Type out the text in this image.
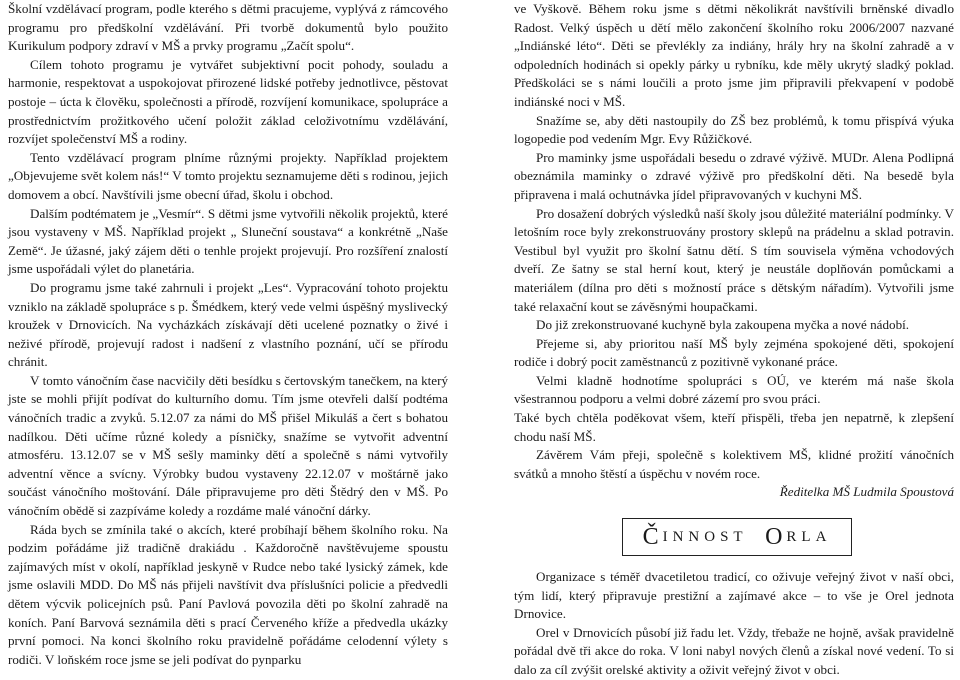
Školní vzdělávací program, podle kterého s dětmi pracujeme, vyplývá z rámcového programu pro předškolní vzdělávání. Při tvorbě dokumentů bylo použito Kurikulum podpory zdraví v MŠ a prvky programu „Začít spolu“.

Cílem tohoto programu je vytvářet subjektivní pocit pohody, souladu a harmonie, respektovat a uspokojovat přirozené lidské potřeby jednotlivce, pěstovat postoje – úcta k člověku, společnosti a přírodě, rozvíjení komunikace, spolupráce a prostřednictvím prožitkového učení položit základ celoživotnímu vzdělávání, rozvíjet společenství MŠ a rodiny.

Tento vzdělávací program plníme různými projekty. Například projektem „Objevujeme svět kolem nás!“ V tomto projektu seznamujeme děti s rodinou, jejich domovem a obcí. Navštívili jsme obecní úřad, školu i obchod.

Dalším podtématem je „Vesmír“. S dětmi jsme vytvořili několik projektů, které jsou vystaveny v MŠ. Například projekt „ Sluneční soustava“ a konkrétně „Naše Země“. Je úžasné, jaký zájem děti o tenhle projekt projevují. Pro rozšíření znalostí jsme uspořádali výlet do planetária.

Do programu jsme také zahrnuli i projekt „Les“. Vypracování tohoto projektu vzniklo na základě spolupráce s p. Šmédkem, který vede velmi úspěšný myslivecký kroužek v Drnovicích. Na vycházkách získávají děti ucelené poznatky o živé i neživé přírodě, projevují radost i nadšení z vlastního poznání, učí se přírodu chránit.

V tomto vánočním čase nacvičily děti besídku s čertovským tanečkem, na který jste se mohli přijít podívat do kulturního domu. Tím jsme otevřeli další podtéma vánočních tradic a zvyků. 5.12.07 za námi do MŠ přišel Mikuláš a čert s bohatou nadílkou. Děti učíme různé koledy a písničky, snažíme se vytvořit adventní atmosféru. 13.12.07 se v MŠ sešly maminky dětí a společně s námi vytvořily adventní věnce a svícny. Výrobky budou vystaveny 22.12.07 v moštárně jako součást vánočního moštování. Dále připravujeme pro děti Štědrý den v MŠ. Po vánočním obědě si zazpíváme koledy a rozdáme malé vánoční dárky.

Ráda bych se zmínila také o akcích, které probíhají během školního roku. Na podzim pořádáme již tradičně drakiádu . Každoročně navštěvujeme spoustu zajímavých míst v okolí, například jeskyně v Rudce nebo také lysický zámek, kde jsme oslavili MDD. Do MŠ nás přijeli navštívit dva příslušníci policie a předvedli dětem výcvik policejních psů. Paní Pavlová povozila děti po školní zahradě na koních. Paní Barvová seznámila děti s prací Červeného kříže a předvedla ukázky první pomoci. Na konci školního roku pravidelně pořádáme celodenní výlety s rodiči. V loňském roce jsme se jeli podívat do pynparku

ve Vyškově. Během roku jsme s dětmi několikrát navštívili brněnské divadlo Radost. Velký úspěch u dětí mělo zakončení školního roku 2006/2007 nazvané „Indiánské léto“. Děti se převlékly za indiány, hrály hry na školní zahradě a v odpoledních hodinách si opekly párky u rybníku, kde měly ukrytý sladký poklad. Předškoláci se s námi loučili a proto jsme jim připravili překvapení v podobě indiánské noci v MŠ.

Snažíme se, aby děti nastoupily do ZŠ bez problémů, k tomu přispívá výuka logopedie pod vedením Mgr. Evy Růžičkové.

Pro maminky jsme uspořádali besedu o zdravé výživě. MUDr. Alena Podlipná obeznámila maminky o zdravé výživě pro předškolní děti. Na besedě byla připravena i malá ochutnávka jídel připravovaných v kuchyni MŠ.

Pro dosažení dobrých výsledků naší školy jsou důležité materiální podmínky. V letošním roce byly zrekonstruovány prostory sklepů na prádelnu a sklad potravin. Vestibul byl využit pro školní šatnu dětí. S tím souvisela výměna vchodových dveří. Ze šatny se stal herní kout, který je neustále doplňován pomůckami a materiálem (dílna pro děti s možností práce s dětským nářadím). Vytvořili jsme také relaxační kout se závěsnými houpačkami.

Do již zrekonstruované kuchyně byla zakoupena myčka a nové nádobí.

Přejeme si, aby prioritou naší MŠ byly zejména spokojené děti, spokojení rodiče i dobrý pocit zaměstnanců z pozitivně vykonané práce.

Velmi kladně hodnotíme spolupráci s OÚ, ve kterém má naše škola všestrannou podporu a velmi dobré zázemí pro svou práci.

Také bych chtěla poděkovat všem, kteří přispěli, třeba jen nepatrně, k zlepšení chodu naší MŠ.

Závěrem Vám přeji, společně s kolektivem MŠ, klidné prožití vánočních svátků a mnoho štěstí a úspěchu v novém roce.

Ředitelka MŠ Ludmila Spoustová

Č INNOST
O RLA

Organizace s téměř dvacetiletou tradicí, co oživuje veřejný život v naší obci, tým lidí, který připravuje prestižní a zajímavé akce – to vše je Orel jednota Drnovice.

Orel v Drnovicích působí již řadu let. Vždy, třebaže ne hojně, avšak pravidelně pořádal dvě tři akce do roka. V loni nabyl nových členů a získal nové vedení. To si dalo za cíl zvýšit orelské aktivity a oživit veřejný život v obci.
